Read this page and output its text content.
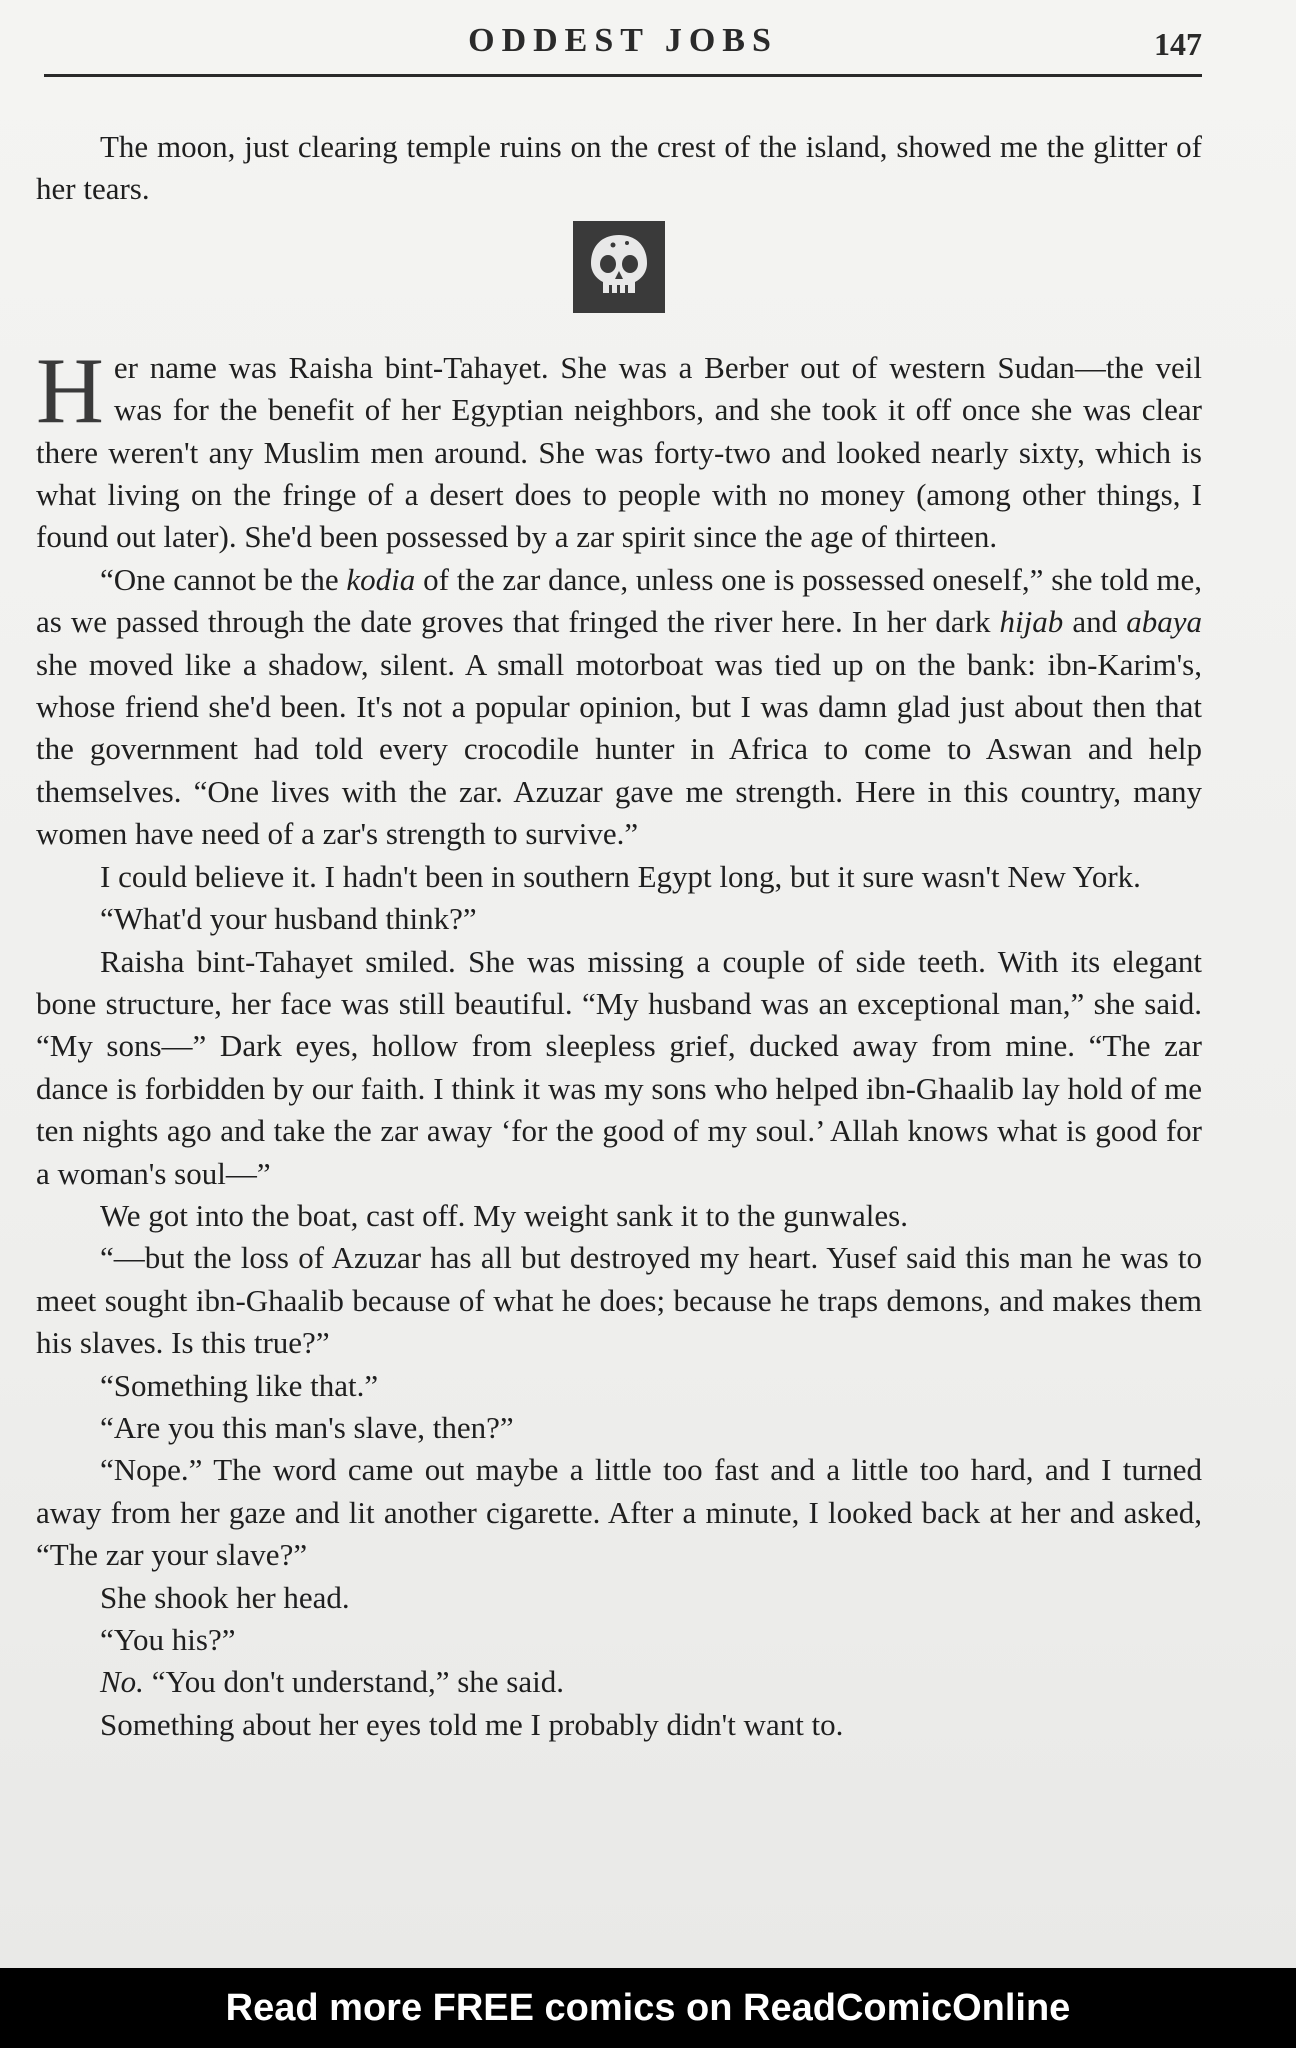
ODDEST JOBS	147

The moon, just clearing temple ruins on the crest of the island, showed me the glitter of her tears.

Her name was Raisha bint-Tahayet. She was a Berber out of western Sudan—the veil was for the benefit of her Egyptian neighbors, and she took it off once she was clear there weren't any Muslim men around. She was forty-two and looked nearly sixty, which is what living on the fringe of a desert does to people with no money (among other things, I found out later). She'd been possessed by a zar spirit since the age of thirteen.

“One cannot be the kodia of the zar dance, unless one is possessed oneself,” she told me, as we passed through the date groves that fringed the river here. In her dark hijab and abaya she moved like a shadow, silent. A small motorboat was tied up on the bank: ibn-Karim's, whose friend she'd been. It's not a popular opinion, but I was damn glad just about then that the government had told every crocodile hunter in Africa to come to Aswan and help themselves. “One lives with the zar. Azuzar gave me strength. Here in this country, many women have need of a zar's strength to survive.”

I could believe it. I hadn't been in southern Egypt long, but it sure wasn't New York.

“What'd your husband think?”

Raisha bint-Tahayet smiled. She was missing a couple of side teeth. With its elegant bone structure, her face was still beautiful. “My husband was an exceptional man,” she said. “My sons—” Dark eyes, hollow from sleepless grief, ducked away from mine. “The zar dance is forbidden by our faith. I think it was my sons who helped ibn-Ghaalib lay hold of me ten nights ago and take the zar away ‘for the good of my soul.’ Allah knows what is good for a woman's soul—”

We got into the boat, cast off. My weight sank it to the gunwales.

“—but the loss of Azuzar has all but destroyed my heart. Yusef said this man he was to meet sought ibn-Ghaalib because of what he does; because he traps demons, and makes them his slaves. Is this true?”

“Something like that.”

“Are you this man's slave, then?”

“Nope.” The word came out maybe a little too fast and a little too hard, and I turned away from her gaze and lit another cigarette. After a minute, I looked back at her and asked, “The zar your slave?”

She shook her head.

“You his?”

No. “You don't understand,” she said.

Something about her eyes told me I probably didn't want to.

Read more FREE comics on ReadComicOnline
